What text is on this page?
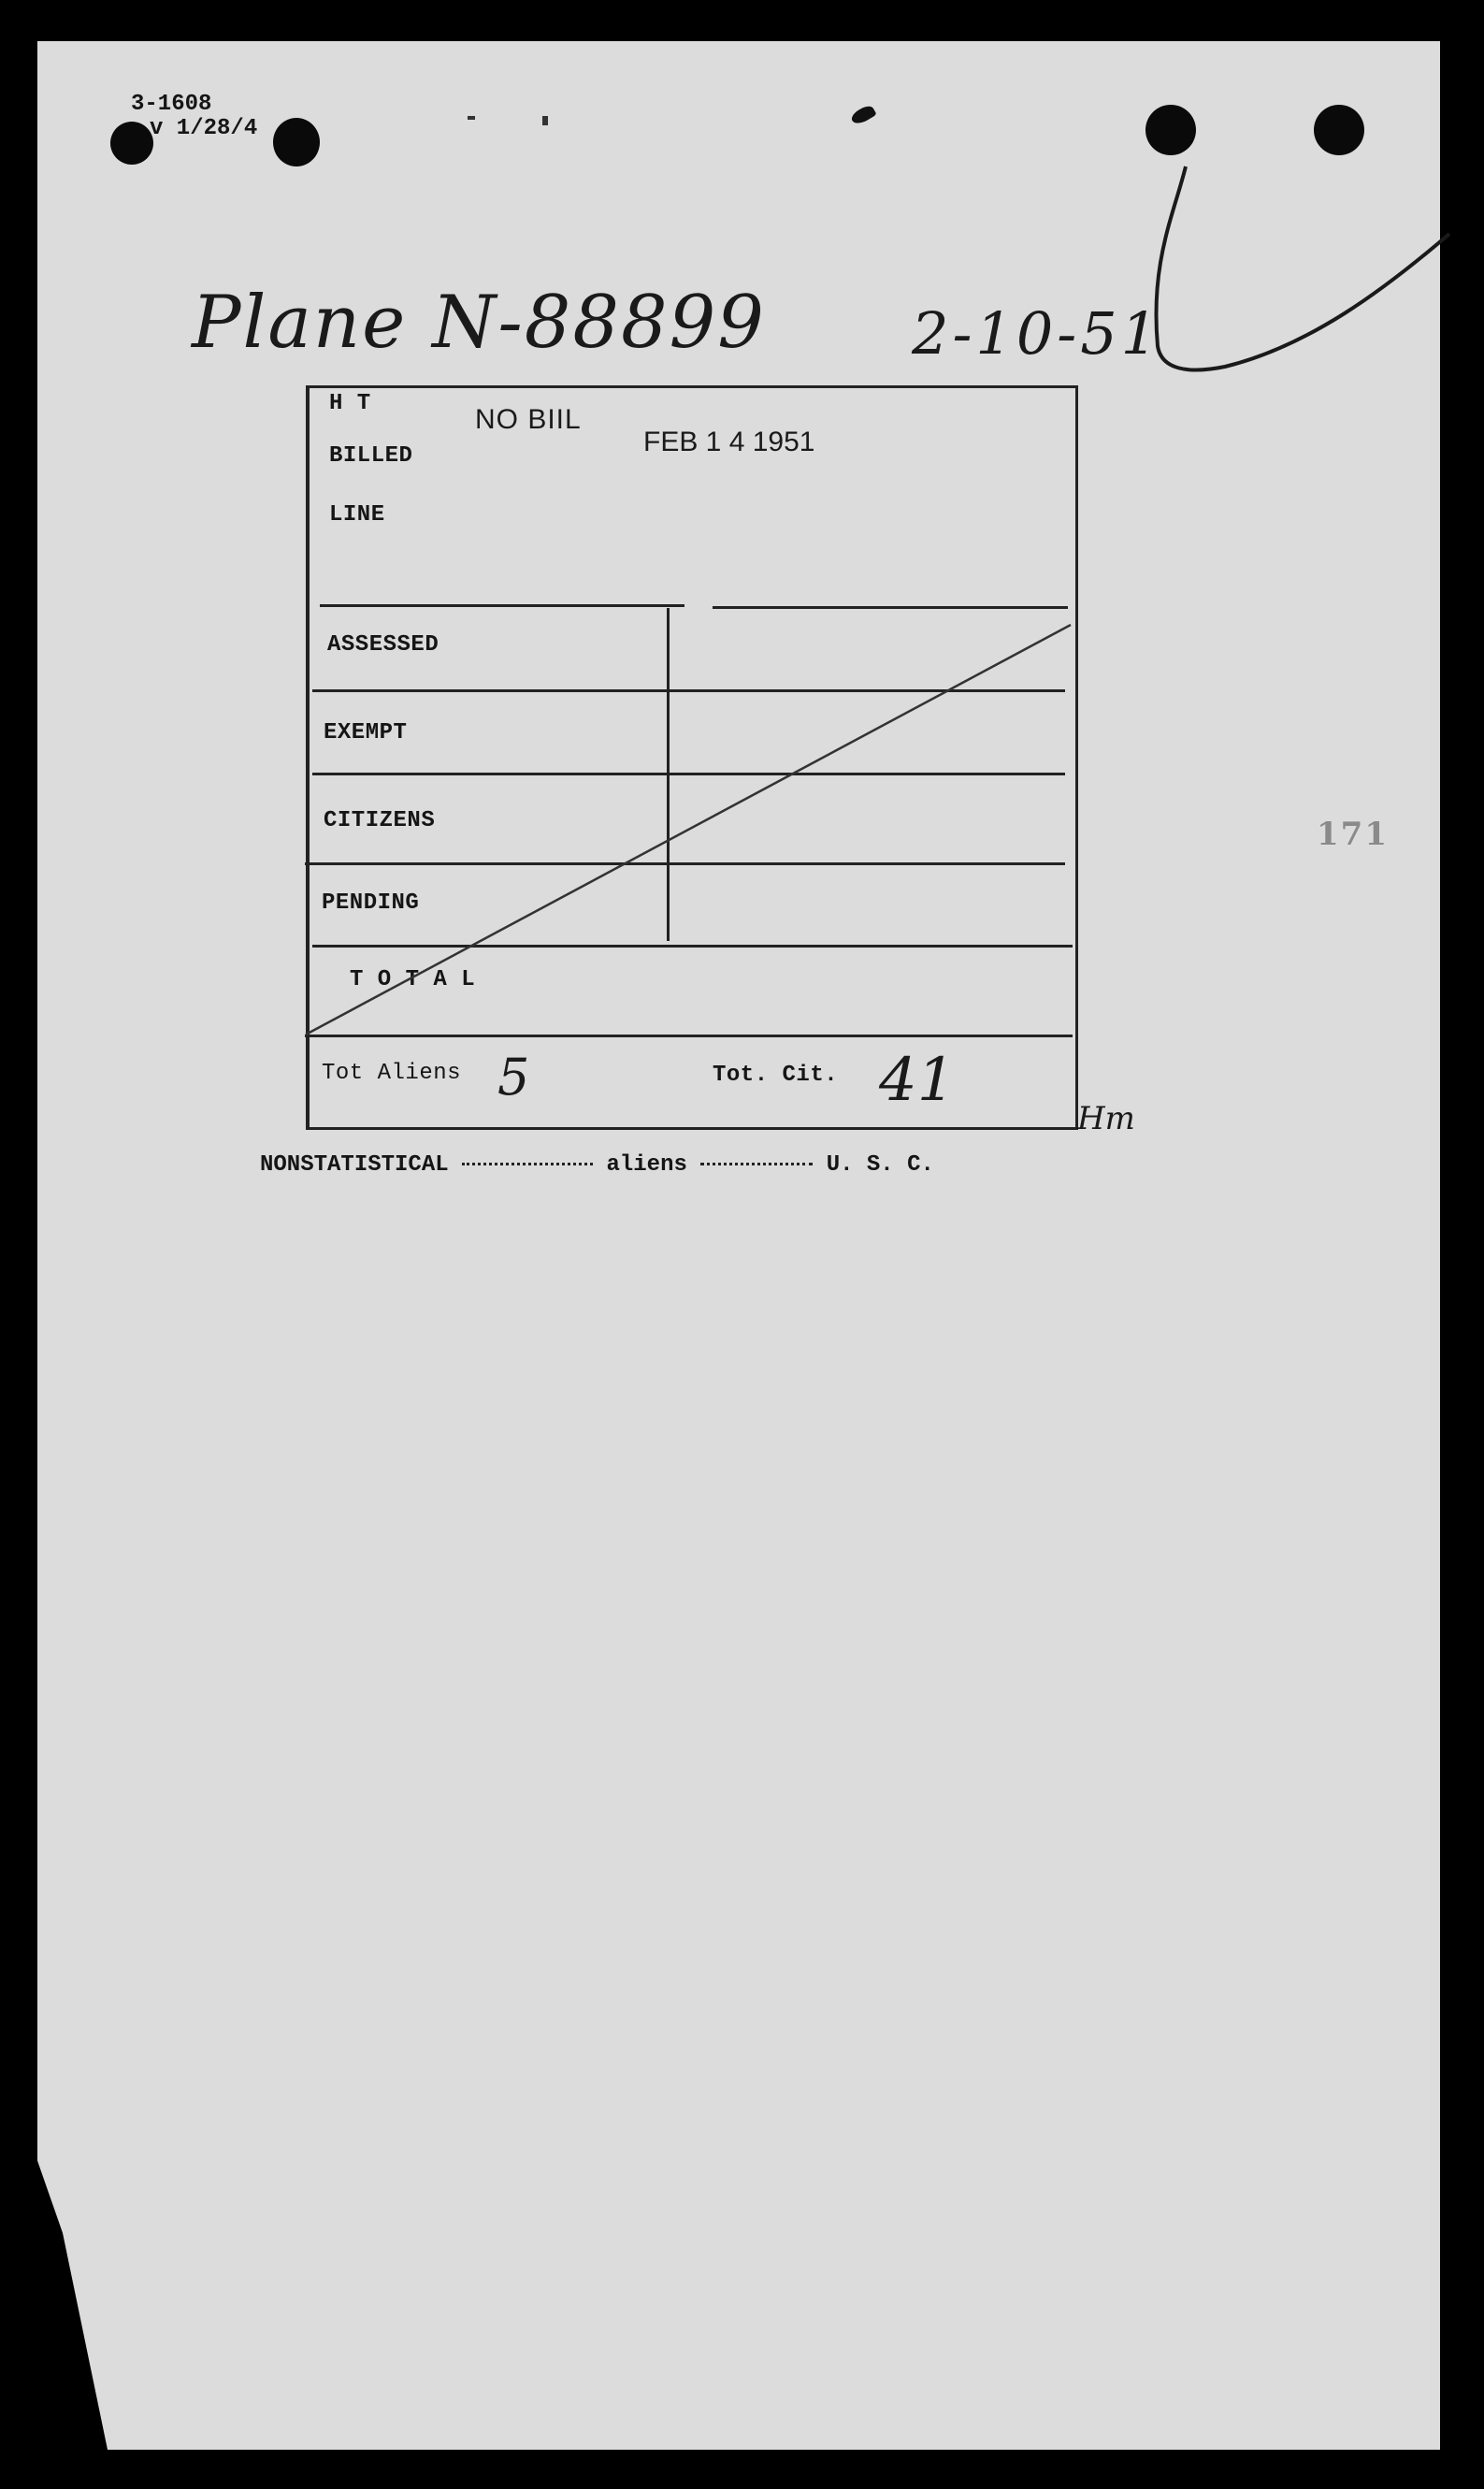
3-1608
v 1/28/4
Plane N-88899	2-10-51
H T
BILLED
LINE
NO BIIL
FEB 1 4 1951
ASSESSED
EXEMPT
CITIZENS
PENDING
T O T A L
Tot Aliens 5	Tot. Cit. 41
Hm
NONSTATISTICAL	aliens	U. S. C.
171
